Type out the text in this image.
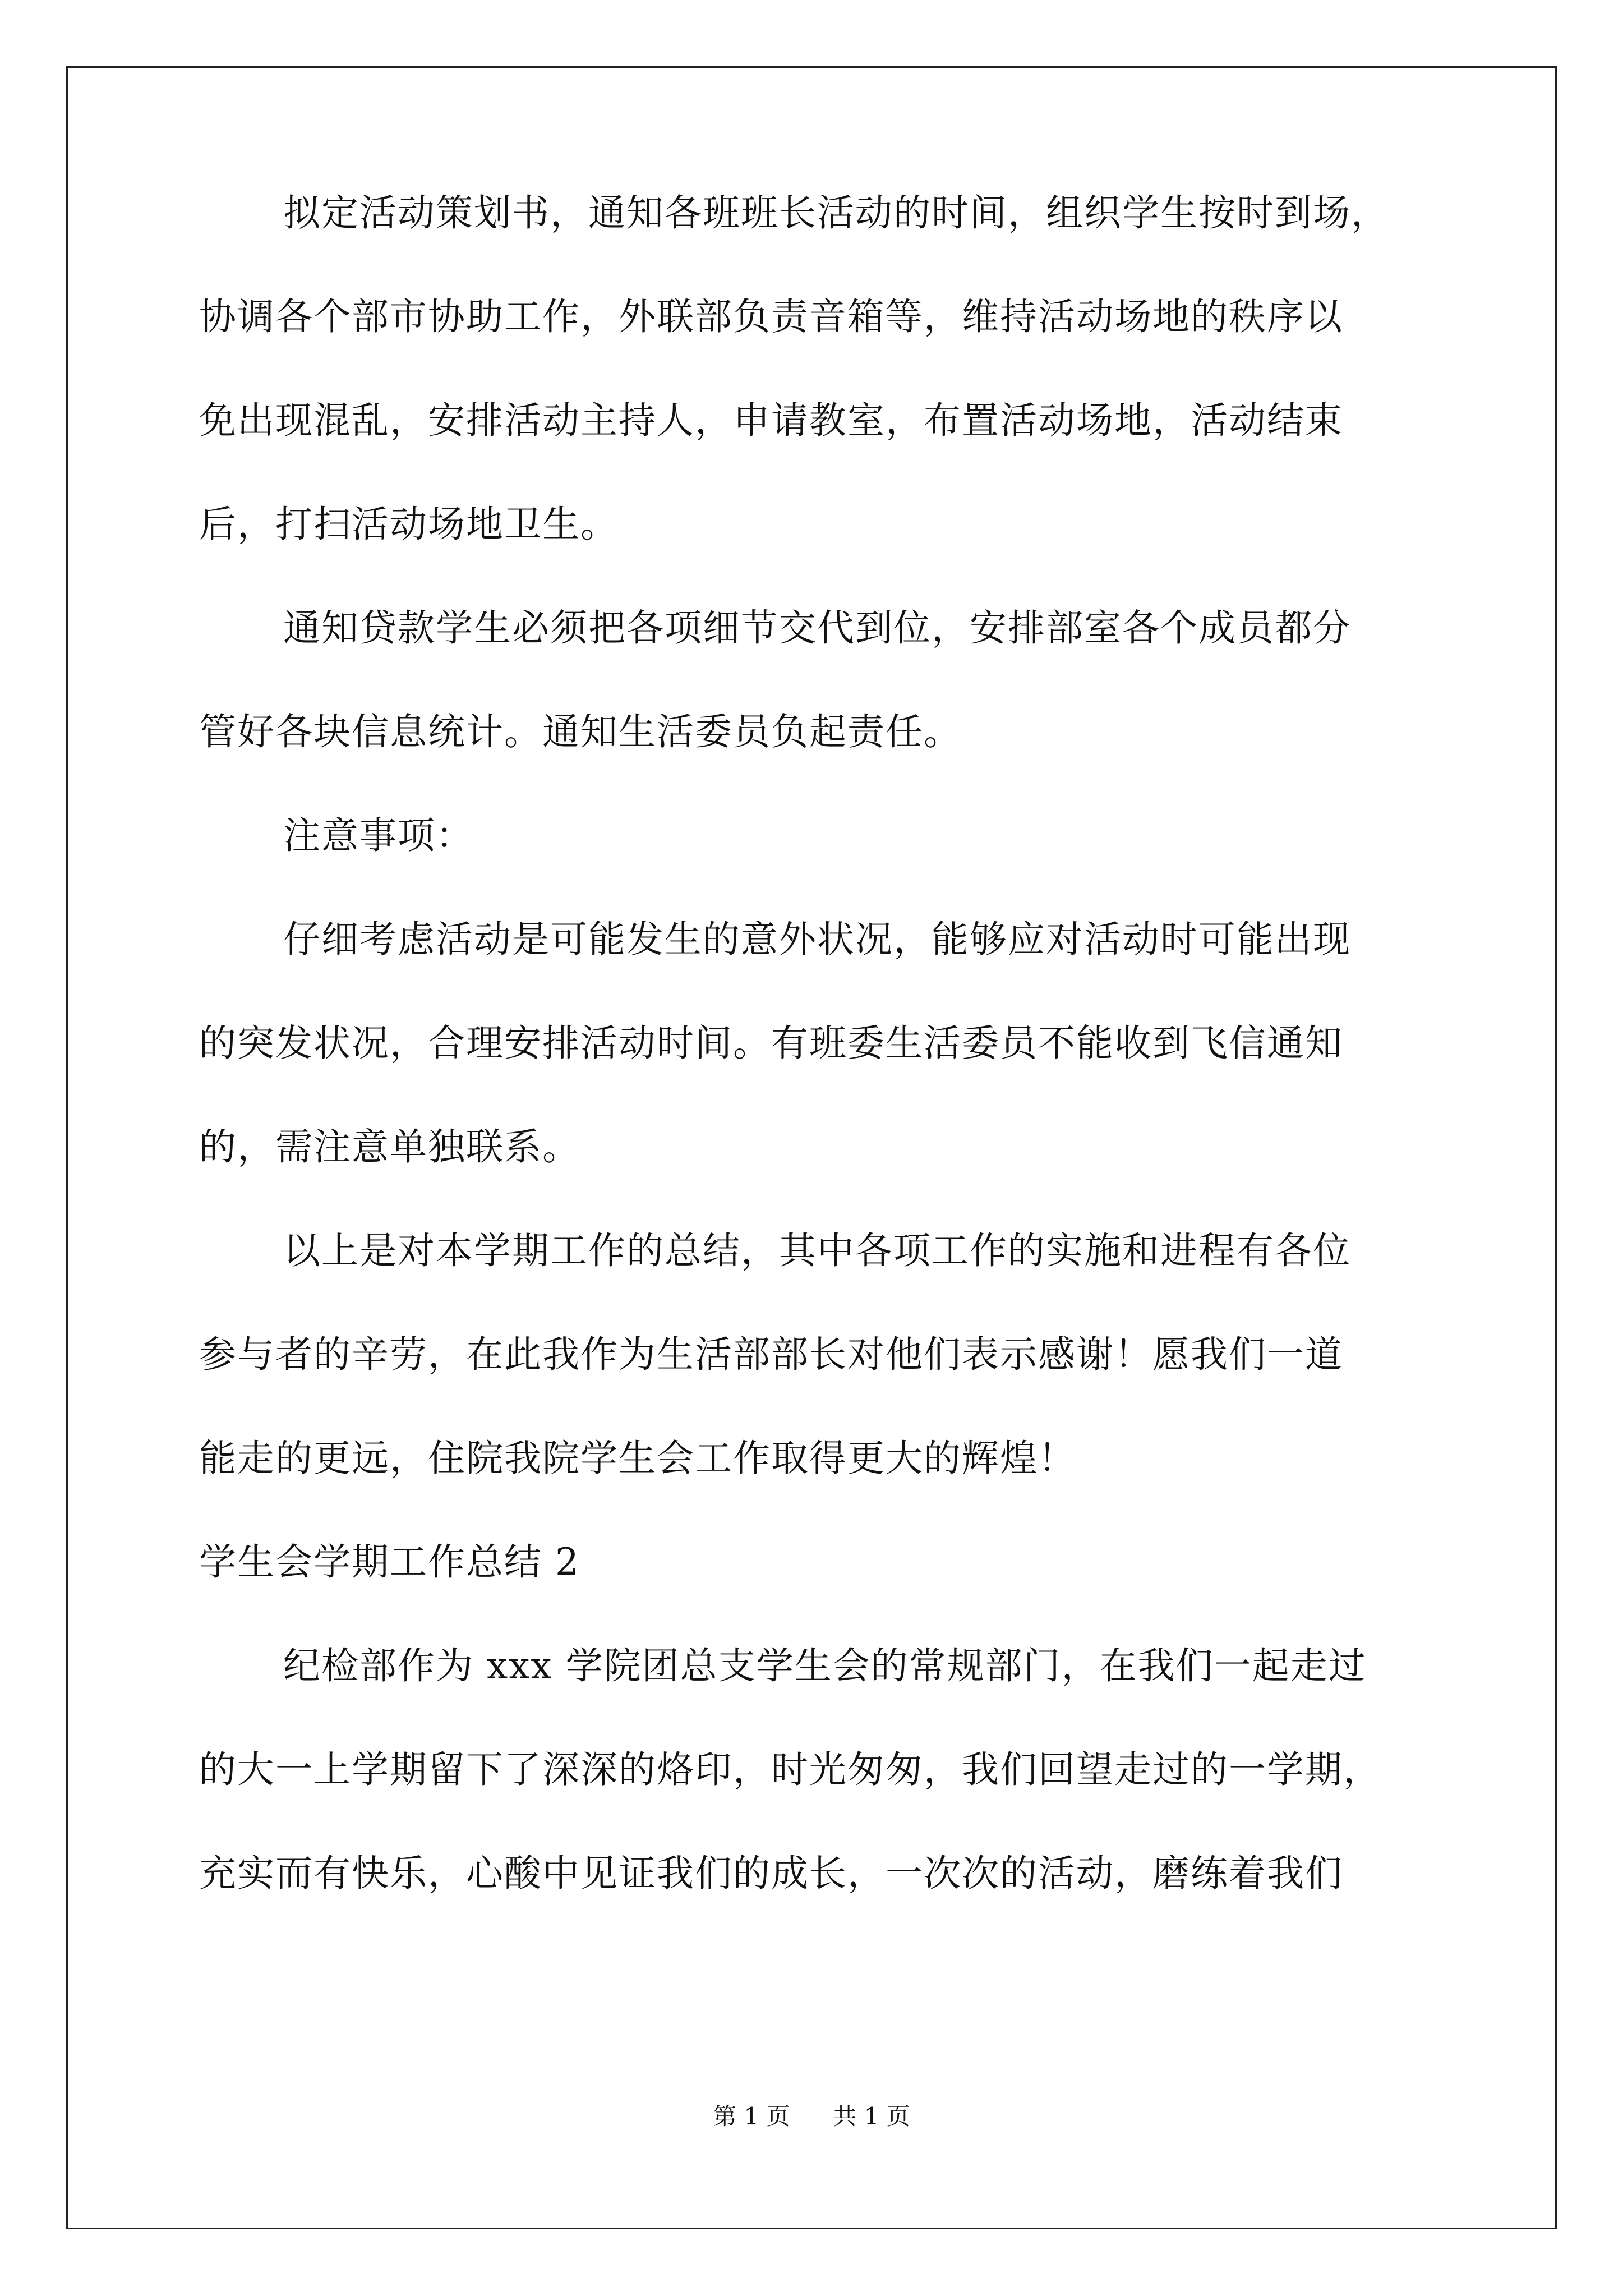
拟定活动策划书，通知各班班长活动的时间，组织学生按时到场，
协调各个部市协助工作，外联部负责音箱等，维持活动场地的秩序以
免出现混乱，安排活动主持人，申请教室，布置活动场地，活动结束
后，打扫活动场地卫生。
通知贷款学生必须把各项细节交代到位，安排部室各个成员都分
管好各块信息统计。通知生活委员负起责任。
注意事项：
仔细考虑活动是可能发生的意外状况，能够应对活动时可能出现
的突发状况，合理安排活动时间。有班委生活委员不能收到飞信通知
的，需注意单独联系。
以上是对本学期工作的总结，其中各项工作的实施和进程有各位
参与者的辛劳，在此我作为生活部部长对他们表示感谢！愿我们一道
能走的更远，住院我院学生会工作取得更大的辉煌！
学生会学期工作总结 2
纪检部作为 xxx 学院团总支学生会的常规部门，在我们一起走过
的大一上学期留下了深深的烙印，时光匆匆，我们回望走过的一学期，
充实而有快乐，心酸中见证我们的成长，一次次的活动，磨练着我们
第 1 页 共 1 页
